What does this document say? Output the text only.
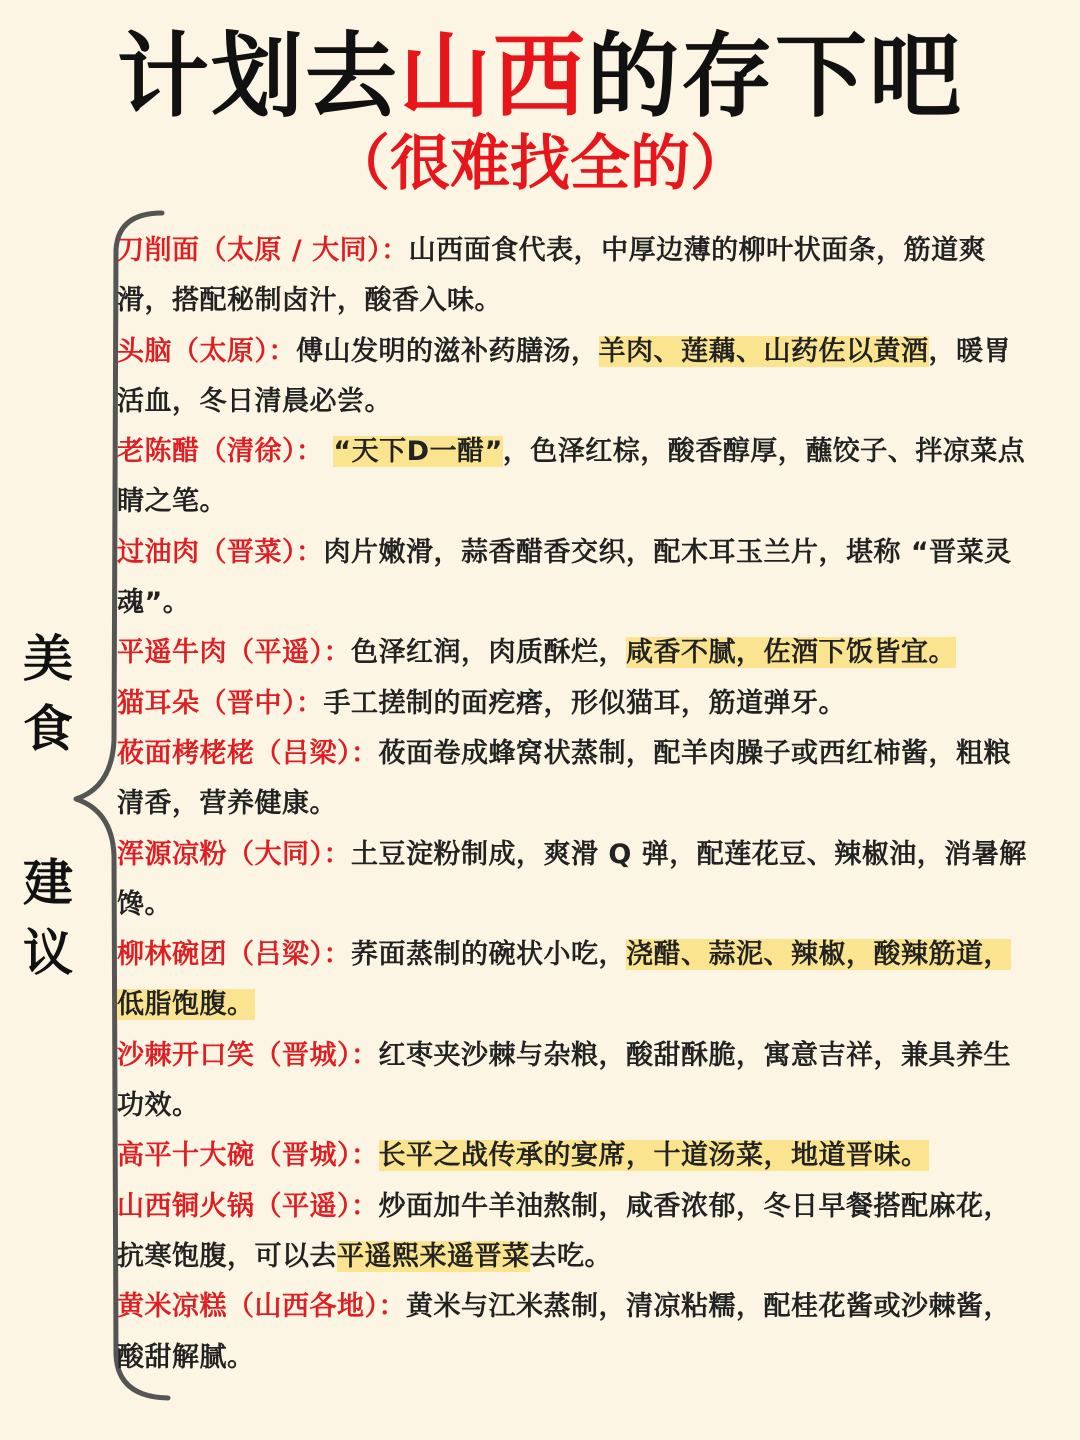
计划去山西的存下吧
（很难找全的）
美
食
建
议
刀削面（太原 / 大同）：山西面食代表，中厚边薄的柳叶状面条，筋道爽滑，搭配秘制卤汁，酸香入味。
头脑（太原）：傅山发明的滋补药膳汤，羊肉、莲藕、山药佐以黄酒，暖胃活血，冬日清晨必尝。
老陈醋（清徐）： “天下D一醋”，色泽红棕，酸香醇厚，蘸饺子、拌凉菜点睛之笔。
过油肉（晋菜）：肉片嫩滑，蒜香醋香交织，配木耳玉兰片，堪称 “晋菜灵魂”。
平遥牛肉（平遥）：色泽红润，肉质酥烂，咸香不腻，佐酒下饭皆宜。
猫耳朵（晋中）：手工搓制的面疙瘩，形似猫耳，筋道弹牙。
莜面栲栳栳（吕梁）：莜面卷成蜂窝状蒸制，配羊肉臊子或西红柿酱，粗粮清香，营养健康。
浑源凉粉（大同）：土豆淀粉制成，爽滑 Q 弹，配莲花豆、辣椒油，消暑解馋。
柳林碗团（吕梁）：荞面蒸制的碗状小吃，浇醋、蒜泥、辣椒，酸辣筋道，低脂饱腹。
沙棘开口笑（晋城）：红枣夹沙棘与杂粮，酸甜酥脆，寓意吉祥，兼具养生功效。
高平十大碗（晋城）：长平之战传承的宴席，十道汤菜，地道晋味。
山西铜火锅（平遥）：炒面加牛羊油熬制，咸香浓郁，冬日早餐搭配麻花，抗寒饱腹，可以去平遥熙来遥晋菜去吃。
黄米凉糕（山西各地）：黄米与江米蒸制，清凉粘糯，配桂花酱或沙棘酱，酸甜解腻。
